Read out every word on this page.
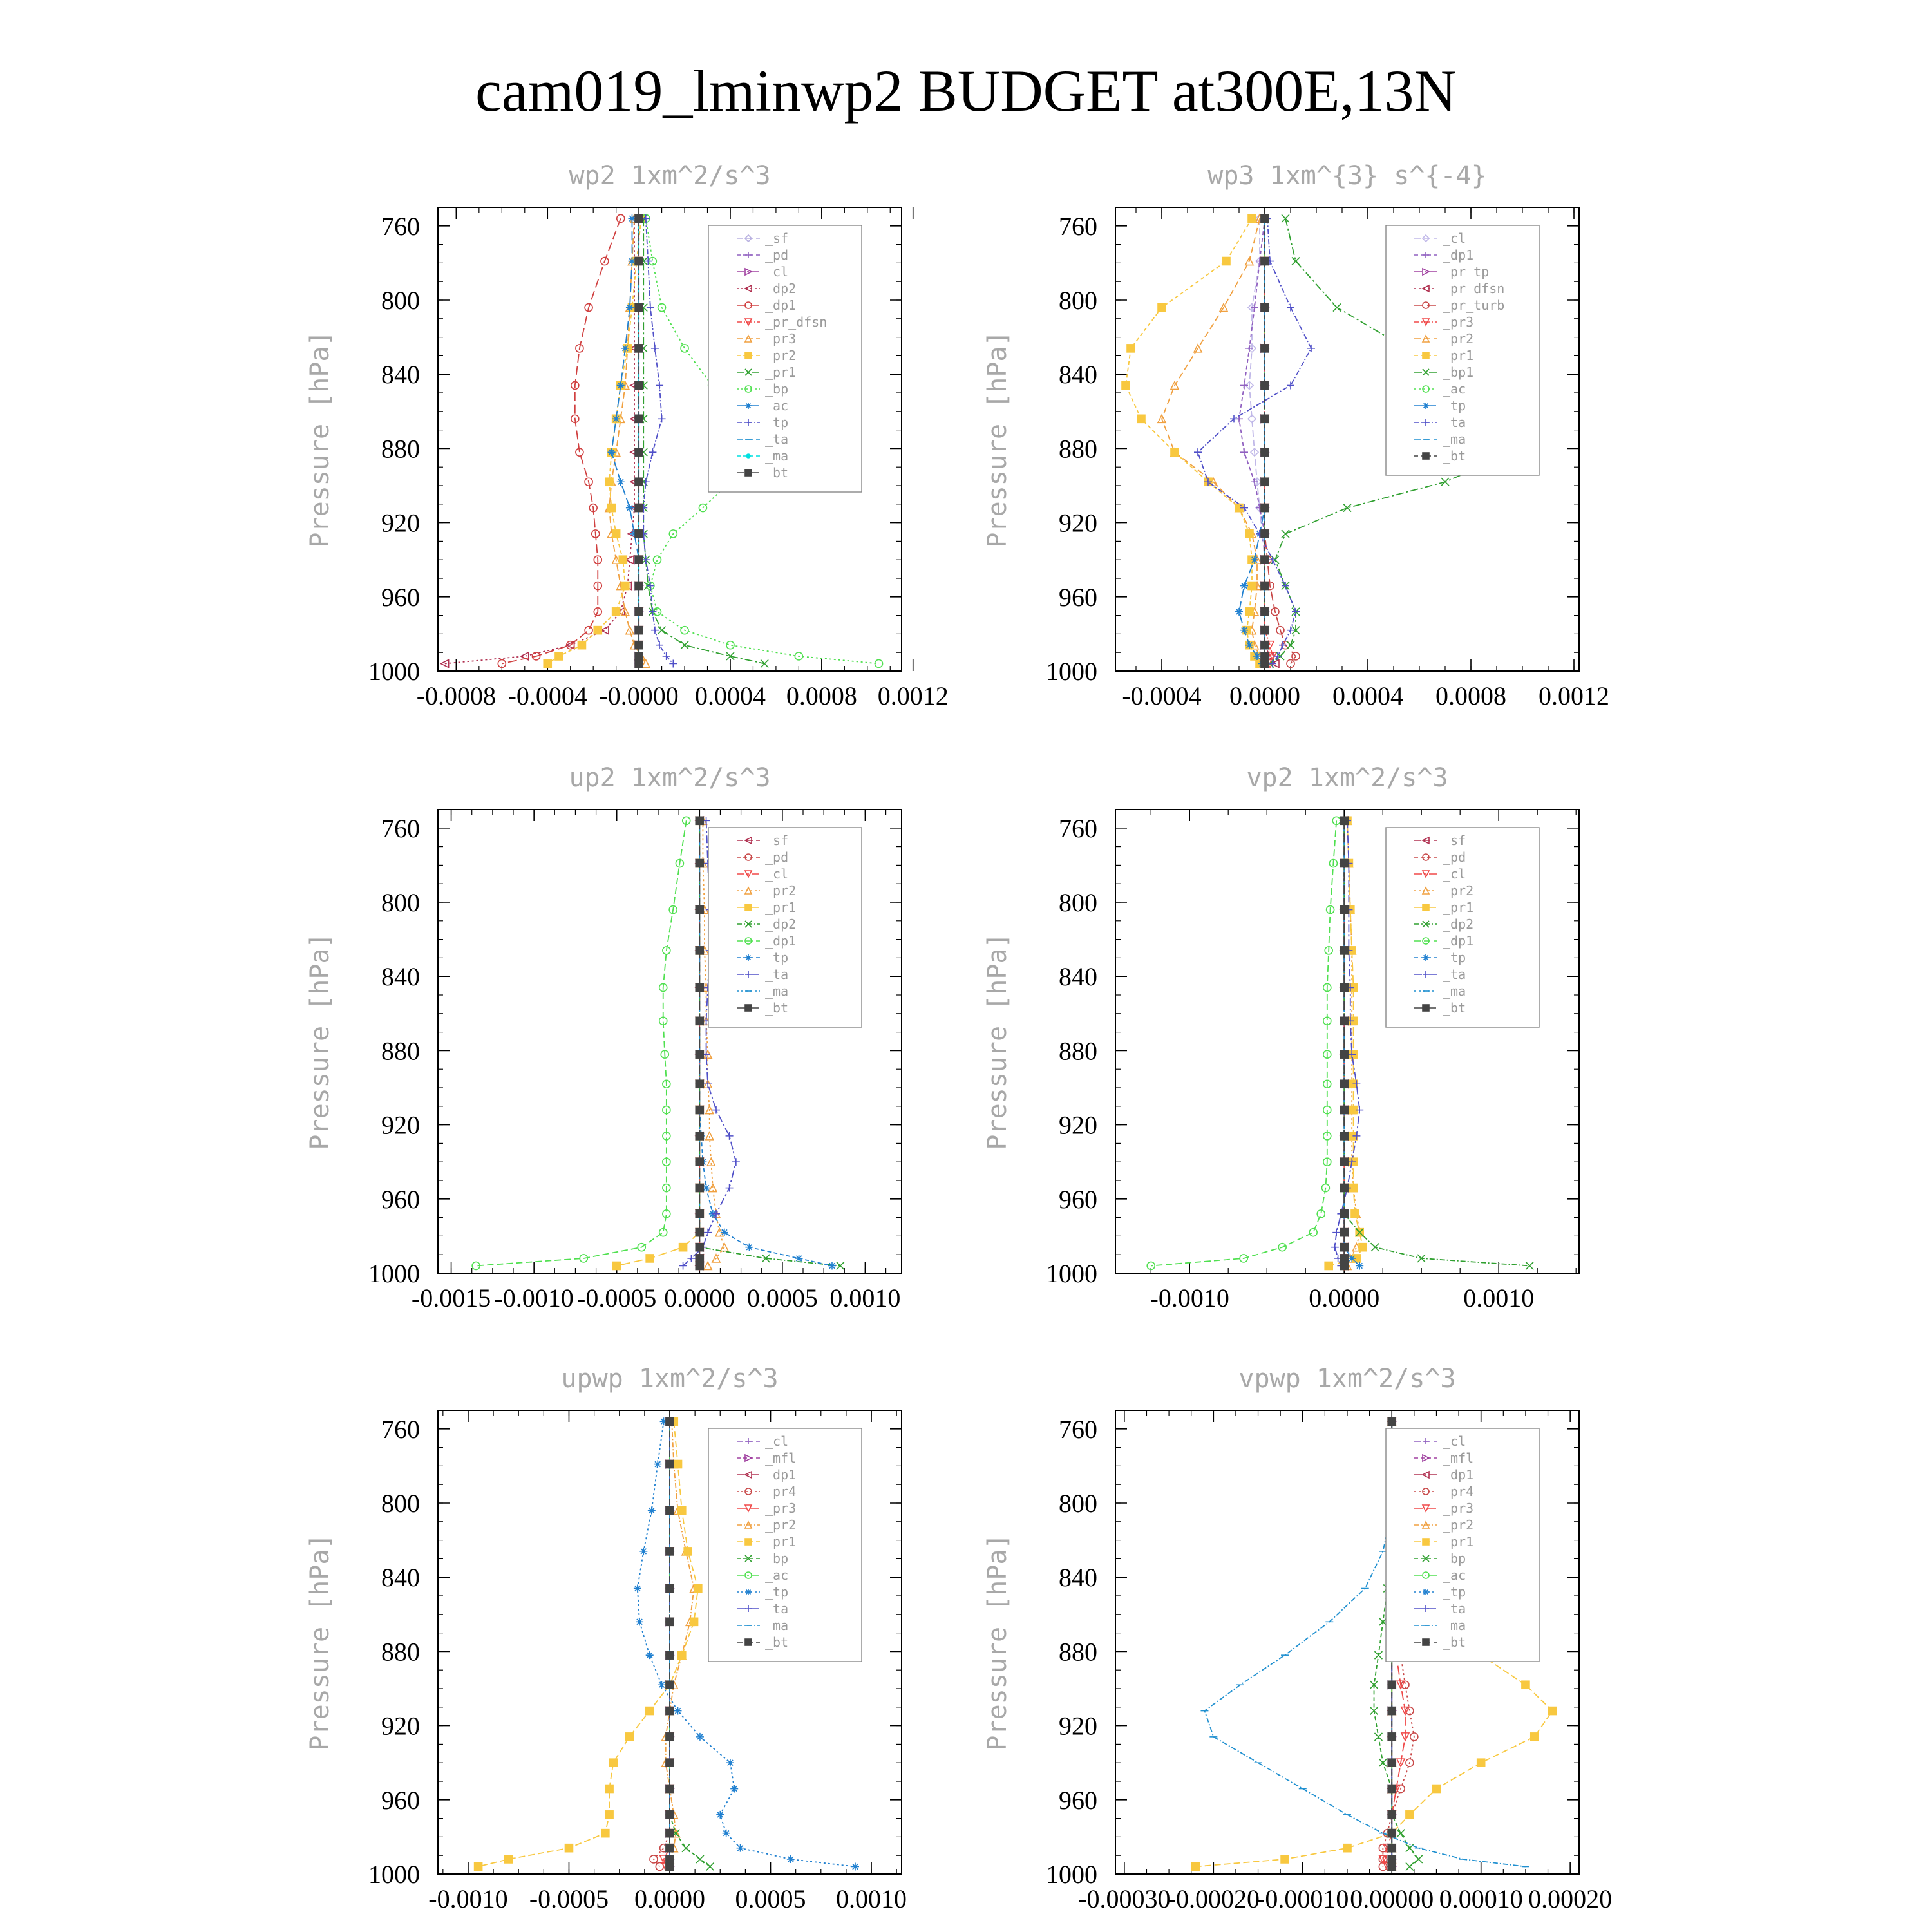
cam019_lminwp2 BUDGET at300E,13N
760
800
840
880
920
960
1000
-0.0008 -0.0004 -0.0000 0.0004 0.0008 0.0012
wp2 1xm^2/s^3
Pressure [hPa]
_sf
_pd
_cl
_dp2
_dp1
_pr_dfsn
_pr3
_pr2
_pr1
_bp
_ac
_tp
_ta
_ma
_bt
760
800
840
880
920
960
1000
-0.0004 0.0000 0.0004 0.0008 0.0012
wp3 1xm^{3} s^{-4}
Pressure [hPa]
_cl
_dp1
_pr_tp
_pr_dfsn
_pr_turb
_pr3
_pr2
_pr1
_bp1
_ac
_tp
_ta
_ma
_bt
760
800
840
880
920
960
1000
-0.0015 -0.0010 -0.0005 0.0000 0.0005 0.0010
up2 1xm^2/s^3
Pressure [hPa]
_sf
_pd
_cl
_pr2
_pr1
_dp2
_dp1
_tp
_ta
_ma
_bt
760
800
840
880
920
960
1000
-0.0010	0.0000	0.0010
vp2 1xm^2/s^3
Pressure [hPa]
_sf
_pd
_cl
_pr2
_pr1
_dp2
_dp1
_tp
_ta
_ma
_bt
760
800
840
880
920
960
1000
-0.0010 -0.0005 0.0000 0.0005 0.0010
upwp 1xm^2/s^3
Pressure [hPa]
_cl
_mfl
_dp1
_pr4
_pr3
_pr2
_pr1
_bp
_ac
_tp
_ta
_ma
_bt
760
800
840
880
920
960
1000
-0.00030
-0.00020
-0.00010 0.00000 0.00010 0.00020
vpwp 1xm^2/s^3
Pressure [hPa]
_cl
_mfl
_dp1
_pr4
_pr3
_pr2
_pr1
_bp
_ac
_tp
_ta
_ma
_bt
